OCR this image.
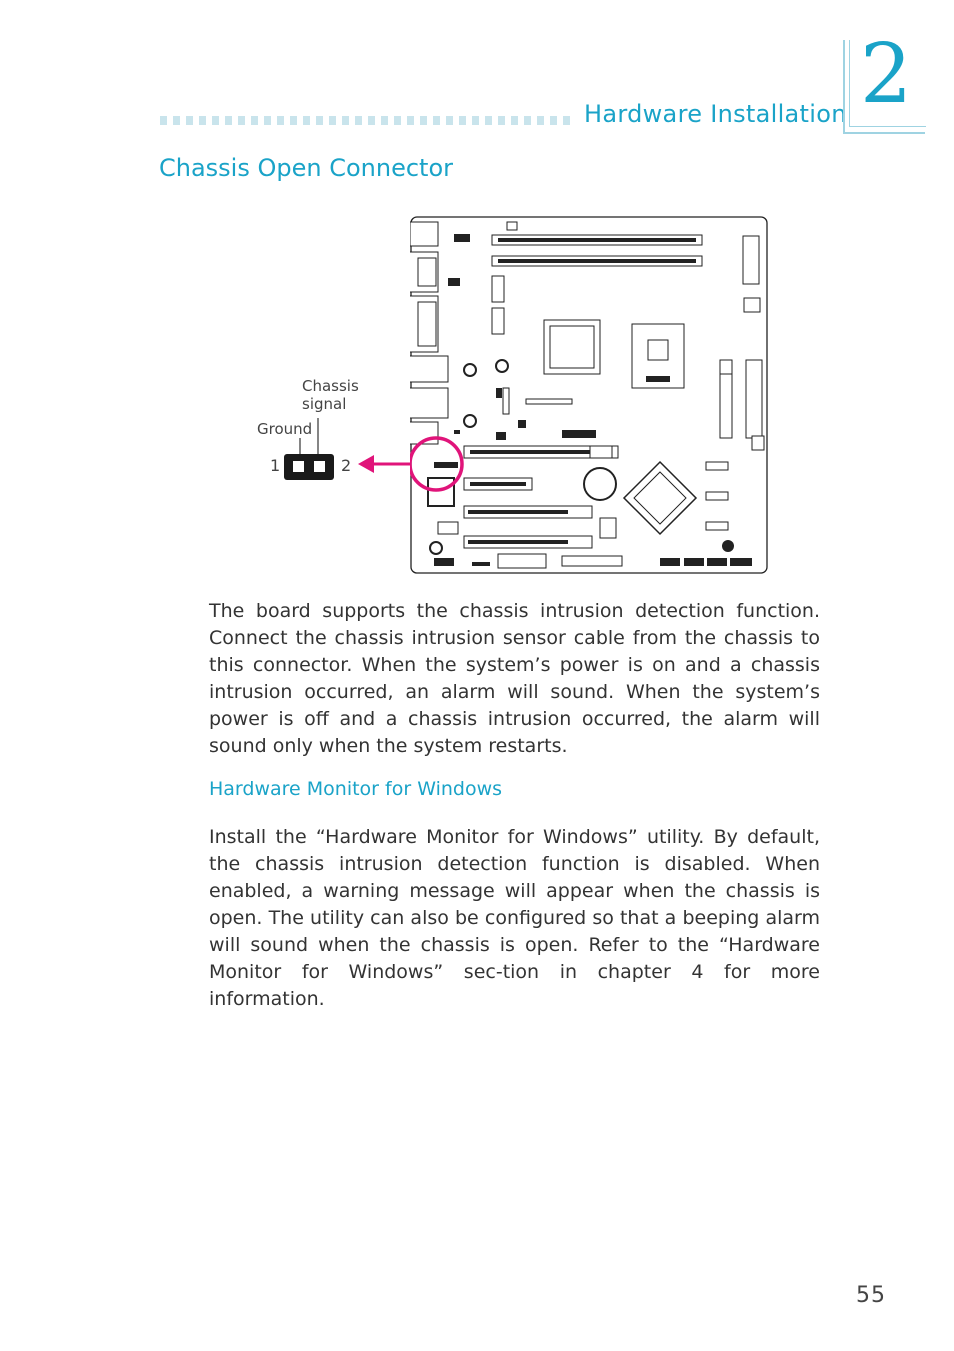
Hardware Installation 2
Chassis Open Connector
Chassis
signal
Ground
1	2
The board supports the chassis intrusion detection function. Connect the chassis intrusion sensor cable from the chassis to this connector. When the system’s power is on and a chassis intrusion occurred, an alarm will sound. When the system’s power is off and a chassis intrusion occurred, the alarm will sound only when the system restarts.
Hardware Monitor for Windows
Install the “Hardware Monitor for Windows” utility. By default, the chassis intrusion detection function is disabled. When enabled, a warning message will appear when the chassis is open. The utility can also be configured so that a beeping alarm will sound when the chassis is open. Refer to the “Hardware Monitor for Windows” sec-tion in chapter 4 for more information.
55
